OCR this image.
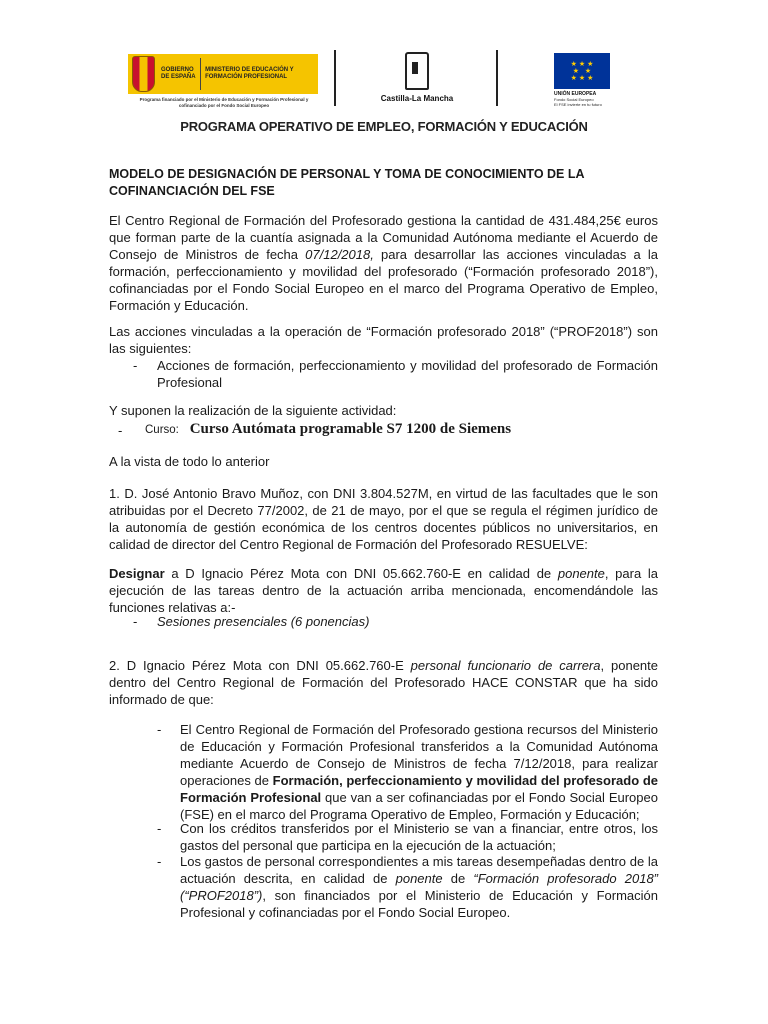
GOBIERNO DE ESPAÑA
MINISTERIO DE EDUCACIÓN Y FORMACIÓN PROFESIONAL
Programa financiado por el Ministerio de Educación y Formación Profesional y cofinanciado por el Fondo Social Europeo
Castilla-La Mancha
★ ★ ★
★   ★
★ ★ ★
UNIÓN EUROPEA
Fondo Social Europeo
El FSE invierte en tu futuro
PROGRAMA OPERATIVO DE EMPLEO, FORMACIÓN Y EDUCACIÓN
MODELO DE DESIGNACIÓN DE PERSONAL Y TOMA DE CONOCIMIENTO DE LA
COFINANCIACIÓN DEL FSE
El Centro Regional de Formación del Profesorado gestiona la cantidad de 431.484,25€ euros que forman parte de la cuantía asignada a la Comunidad Autónoma mediante el Acuerdo de Consejo de Ministros de fecha 07/12/2018, para desarrollar las acciones vinculadas a la formación, perfeccionamiento y movilidad del profesorado (“Formación profesorado 2018”), cofinanciadas por el Fondo Social Europeo en el marco del Programa Operativo de Empleo, Formación y Educación.
Las acciones vinculadas a la operación de “Formación profesorado 2018” (“PROF2018”) son las siguientes:
- Acciones de formación, perfeccionamiento y movilidad del profesorado de Formación Profesional
Y suponen la realización de la siguiente actividad:
- Curso: Curso Autómata programable S7 1200 de Siemens
A la vista de todo lo anterior
1. D. José Antonio Bravo Muñoz, con DNI 3.804.527M, en virtud de las facultades que le son atribuidas por el Decreto 77/2002, de 21 de mayo, por el que se regula el régimen jurídico de la autonomía de gestión económica de los centros docentes públicos no universitarios, en calidad de director del Centro Regional de Formación del Profesorado RESUELVE:
Designar a D Ignacio Pérez Mota con DNI 05.662.760-E en calidad de ponente, para la ejecución de las tareas dentro de la actuación arriba mencionada, encomendándole las funciones relativas a:-
- Sesiones presenciales (6 ponencias)
2. D Ignacio Pérez Mota con DNI 05.662.760-E personal funcionario de carrera, ponente dentro del Centro Regional de Formación del Profesorado HACE CONSTAR que ha sido informado de que:
- El Centro Regional de Formación del Profesorado gestiona recursos del Ministerio de Educación y Formación Profesional transferidos a la Comunidad Autónoma mediante Acuerdo de Consejo de Ministros de fecha 7/12/2018, para realizar operaciones de Formación, perfeccionamiento y movilidad del profesorado de Formación Profesional que van a ser cofinanciadas por el Fondo Social Europeo (FSE) en el marco del Programa Operativo de Empleo, Formación y Educación;
- Con los créditos transferidos por el Ministerio se van a financiar, entre otros, los gastos del personal que participa en la ejecución de la actuación;
- Los gastos de personal correspondientes a mis tareas desempeñadas dentro de la actuación descrita, en calidad de ponente de “Formación profesorado 2018” (“PROF2018”), son financiados por el Ministerio de Educación y Formación Profesional y cofinanciadas por el Fondo Social Europeo.
